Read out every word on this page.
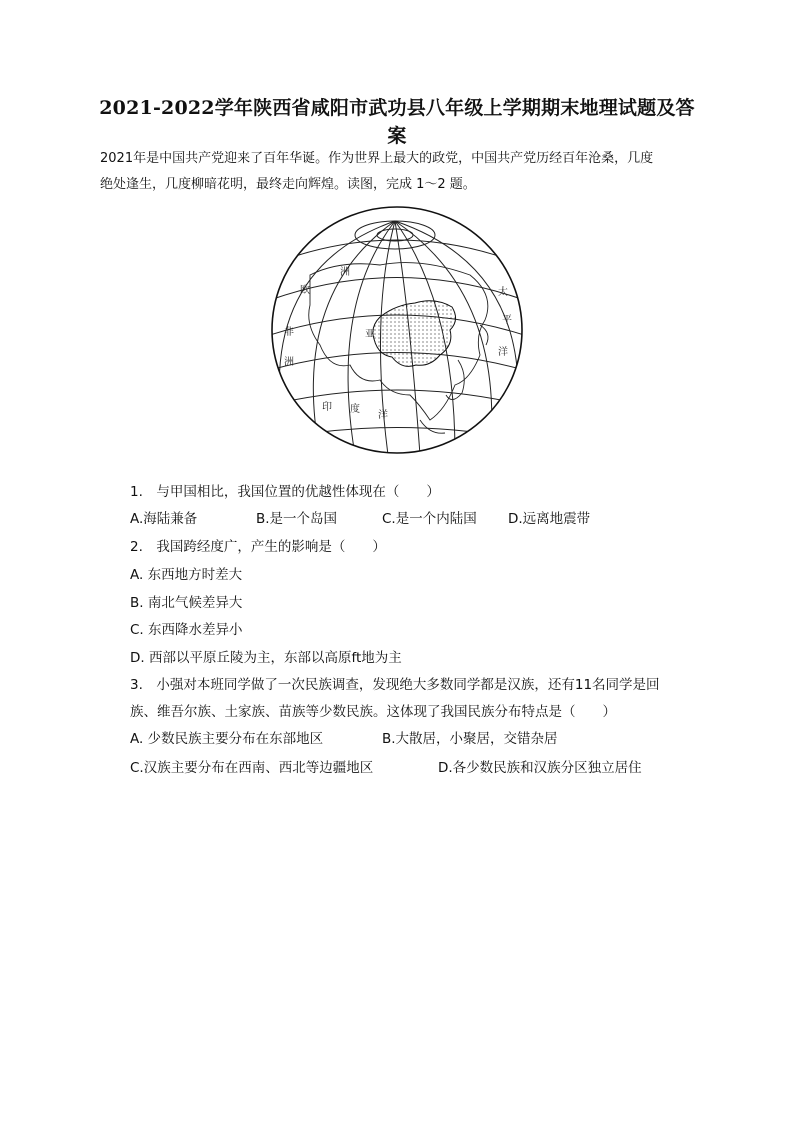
2021-2022学年陕西省咸阳市武功县八年级上学期期末地理试题及答
案
2021年是中国共产党迎来了百年华诞。作为世界上最大的政党，中国共产党历经百年沧桑，几度
绝处逢生，几度柳暗花明，最终走向辉煌。读图，完成 1～2 题。
欧
亚
洲
太
平
洋
印 度
洋
非
洲
1.　与甲国相比，我国位置的优越性体现在（　　）
A.海陆兼备	B.是一个岛国	C.是一个内陆国 D.远离地震带
2.　我国跨经度广，产生的影响是（　　）
A. 东西地方时差大
B. 南北气候差异大
C. 东西降水差异小
D. 西部以平原丘陵为主，东部以高原ft地为主
3.　小强对本班同学做了一次民族调查，发现绝大多数同学都是汉族，还有11名同学是回
族、维吾尔族、土家族、苗族等少数民族。这体现了我国民族分布特点是（　　）
A. 少数民族主要分布在东部地区	B.大散居，小聚居，交错杂居
C.汉族主要分布在西南、西北等边疆地区	D.各少数民族和汉族分区独立居住
